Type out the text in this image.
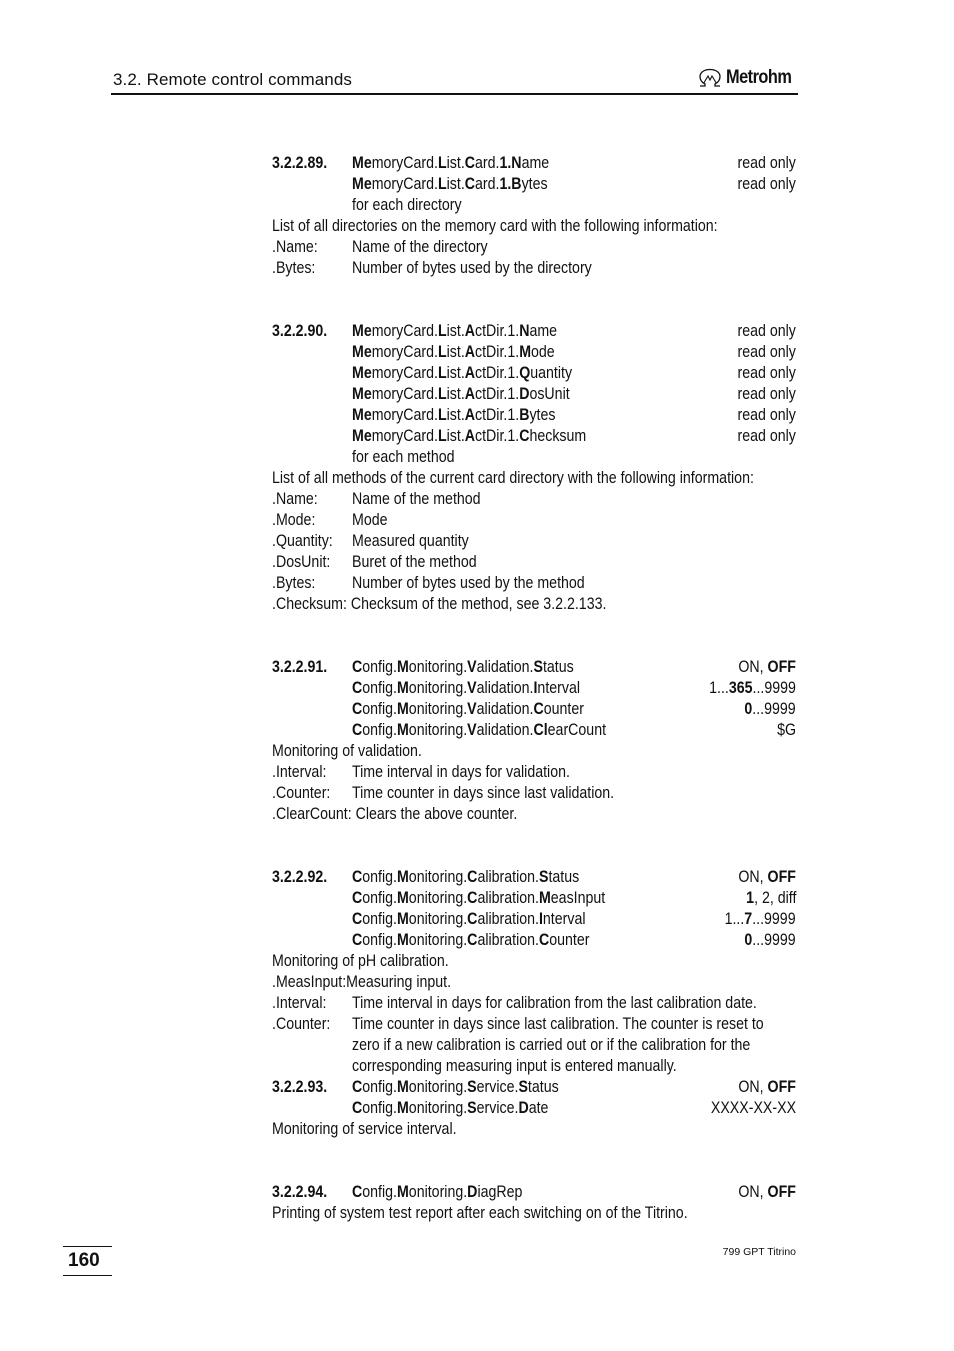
3.2. Remote control commands	Metrohm
3.2.2.89. MemoryCard.List.Card.1.Name	read only
MemoryCard.List.Card.1.Bytes	read only
for each directory
List of all directories on the memory card with the following information:
.Name: Name of the directory
.Bytes: Number of bytes used by the directory
3.2.2.90. MemoryCard.List.ActDir.1.Name	read only
MemoryCard.List.ActDir.1.Mode	read only
MemoryCard.List.ActDir.1.Quantity	read only
MemoryCard.List.ActDir.1.DosUnit	read only
MemoryCard.List.ActDir.1.Bytes	read only
MemoryCard.List.ActDir.1.Checksum	read only
for each method
List of all methods of the current card directory with the following information:
.Name: Name of the method
.Mode: Mode
.Quantity: Measured quantity
.DosUnit: Buret of the method
.Bytes: Number of bytes used by the method
.Checksum: Checksum of the method, see 3.2.2.133.
3.2.2.91. Config.Monitoring.Validation.Status	ON, OFF
Config.Monitoring.Validation.Interval	1...365...9999
Config.Monitoring.Validation.Counter	0...9999
Config.Monitoring.Validation.ClearCount	$G
Monitoring of validation.
.Interval: Time interval in days for validation.
.Counter: Time counter in days since last validation.
.ClearCount: Clears the above counter.
3.2.2.92. Config.Monitoring.Calibration.Status	ON, OFF
Config.Monitoring.Calibration.MeasInput	1, 2, diff
Config.Monitoring.Calibration.Interval	1...7...9999
Config.Monitoring.Calibration.Counter	0...9999
Monitoring of pH calibration.
.MeasInput:Measuring input.
.Interval: Time interval in days for calibration from the last calibration date.
.Counter: Time counter in days since last calibration. The counter is reset to
zero if a new calibration is carried out or if the calibration for the
corresponding measuring input is entered manually.
3.2.2.93. Config.Monitoring.Service.Status	ON, OFF
Config.Monitoring.Service.Date	XXXX-XX-XX
Monitoring of service interval.
3.2.2.94. Config.Monitoring.DiagRep	ON, OFF
Printing of system test report after each switching on of the Titrino.
160	799 GPT Titrino
